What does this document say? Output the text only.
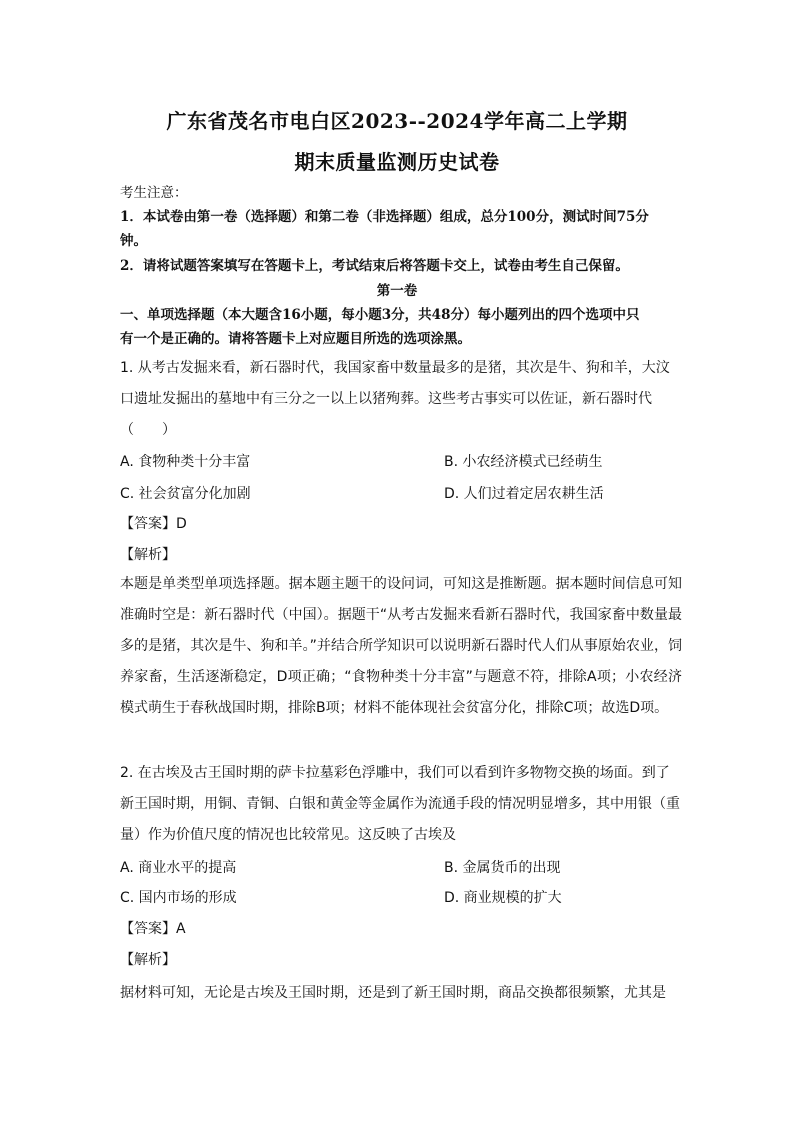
广东省茂名市电白区2023--2024学年高二上学期
期末质量监测历史试卷
考生注意：
1．本试卷由第一卷（选择题）和第二卷（非选择题）组成，总分100分，测试时间75分
钟。
2．请将试题答案填写在答题卡上，考试结束后将答题卡交上，试卷由考生自己保留。
第一卷
一、单项选择题（本大题含16小题，每小题3分，共48分）每小题列出的四个选项中只
有一个是正确的。请将答题卡上对应题目所选的选项涂黑。
1. 从考古发掘来看，新石器时代，我国家畜中数量最多的是猪，其次是牛、狗和羊，大汶口遗址发掘出的墓地中有三分之一以上以猪殉葬。这些考古事实可以佐证，新石器时代（　　）
A. 食物种类十分丰富	B. 小农经济模式已经萌生
C. 社会贫富分化加剧	D. 人们过着定居农耕生活
【答案】D
【解析】
本题是单类型单项选择题。据本题主题干的设问词，可知这是推断题。据本题时间信息可知准确时空是：新石器时代（中国）。据题干“从考古发掘来看新石器时代，我国家畜中数量最多的是猪，其次是牛、狗和羊。”并结合所学知识可以说明新石器时代人们从事原始农业，饲养家畜，生活逐渐稳定，D项正确；“食物种类十分丰富”与题意不符，排除A项；小农经济模式萌生于春秋战国时期，排除B项；材料不能体现社会贫富分化，排除C项；故选D项。
2. 在古埃及古王国时期的萨卡拉墓彩色浮雕中，我们可以看到许多物物交换的场面。到了新王国时期，用铜、青铜、白银和黄金等金属作为流通手段的情况明显增多，其中用银（重量）作为价值尺度的情况也比较常见。这反映了古埃及
A. 商业水平的提高	B. 金属货币的出现
C. 国内市场的形成	D. 商业规模的扩大
【答案】A
【解析】
据材料可知，无论是古埃及王国时期，还是到了新王国时期，商品交换都很频繁，尤其是
